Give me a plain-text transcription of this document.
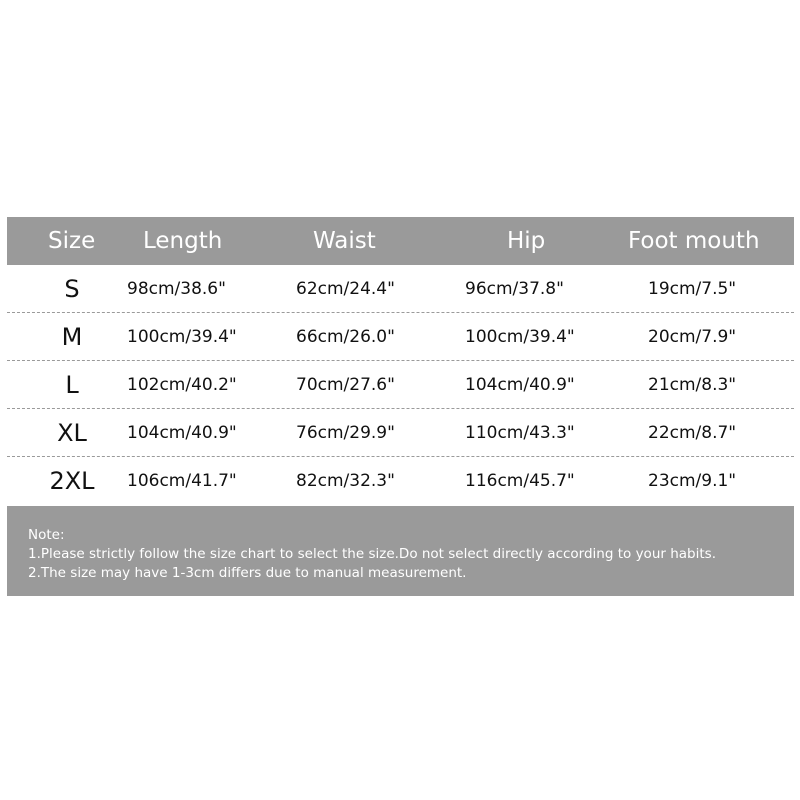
Size Length	Waist	Hip	Foot mouth
S	98cm/38.6"	62cm/24.4"	96cm/37.8"	19cm/7.5"
M	100cm/39.4"	66cm/26.0"	100cm/39.4"	20cm/7.9"
L	102cm/40.2"	70cm/27.6"	104cm/40.9"	21cm/8.3"
XL	104cm/40.9"	76cm/29.9"	110cm/43.3"	22cm/8.7"
2XL	106cm/41.7"	82cm/32.3"	116cm/45.7"	23cm/9.1"
Note:
1.Please strictly follow the size chart to select the size.Do not select directly according to your habits.
2.The size may have 1-3cm differs due to manual measurement.
